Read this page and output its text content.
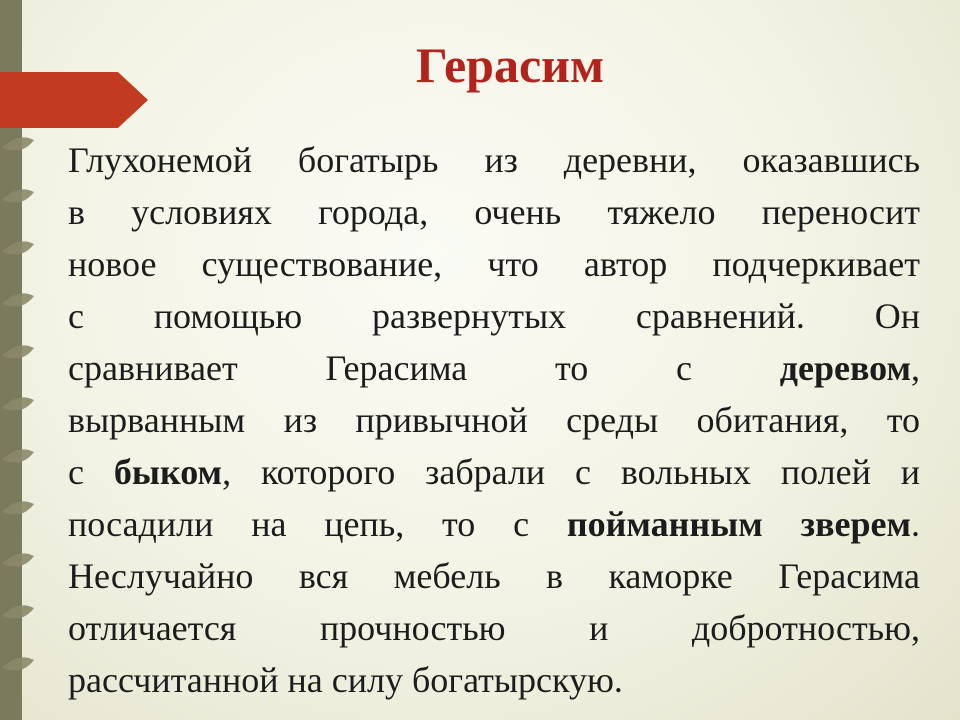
Герасим
Глухонемой богатырь из деревни, оказавшись
в условиях города, очень тяжело переносит
новое существование, что автор подчеркивает
с помощью развернутых сравнений. Он
сравнивает Герасима то с деревом,
вырванным из привычной среды обитания, то
с быком, которого забрали с вольных полей и
посадили на цепь, то с пойманным зверем.
Неслучайно вся мебель в каморке Герасима
отличается прочностью и добротностью,
рассчитанной на силу богатырскую.
